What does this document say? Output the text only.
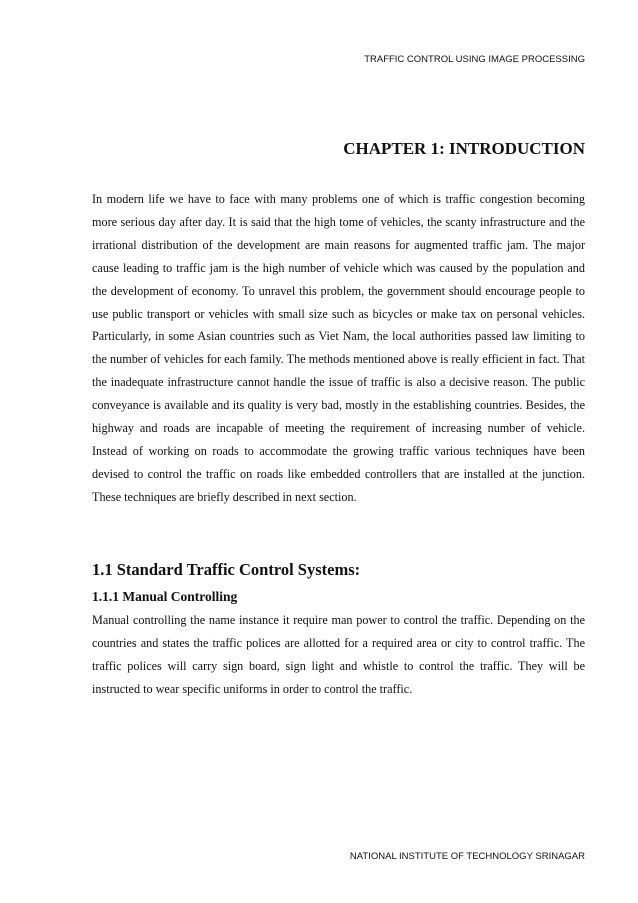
TRAFFIC CONTROL USING IMAGE PROCESSING
CHAPTER 1: INTRODUCTION

In modern life we have to face with many problems one of which is traffic congestion becoming more serious day after day. It is said that the high tome of vehicles, the scanty infrastructure and the irrational distribution of the development are main reasons for augmented traffic jam. The major cause leading to traffic jam is the high number of vehicle which was caused by the population and the development of economy. To unravel this problem, the government should encourage people to use public transport or vehicles with small size such as bicycles or make tax on personal vehicles. Particularly, in some Asian countries such as Viet Nam, the local authorities passed law limiting to the number of vehicles for each family. The methods mentioned above is really efficient in fact. That the inadequate infrastructure cannot handle the issue of traffic is also a decisive reason. The public conveyance is available and its quality is very bad, mostly in the establishing countries. Besides, the highway and roads are incapable of meeting the requirement of increasing number of vehicle. Instead of working on roads to accommodate the growing traffic various techniques have been devised to control the traffic on roads like embedded controllers that are installed at the junction. These techniques are briefly described in next section.

1.1 Standard Traffic Control Systems:
1.1.1 Manual Controlling

Manual controlling the name instance it require man power to control the traffic. Depending on the countries and states the traffic polices are allotted for a required area or city to control traffic. The traffic polices will carry sign board, sign light and whistle to control the traffic. They will be instructed to wear specific uniforms in order to control the traffic.

NATIONAL INSTITUTE OF TECHNOLOGY SRINAGAR
